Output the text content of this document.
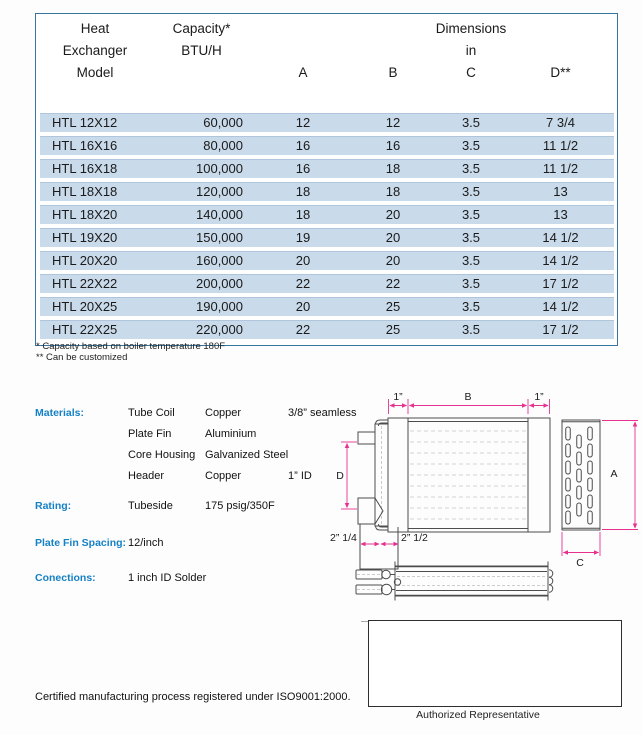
Heat	Capacity*	Dimensions
Exchanger	BTU/H	in
Model	A	B	C	D**
HTL 12X12	60,000	12	12	3.5	7 3/4
HTL 16X16	80,000	16	16	3.5	11 1/2
HTL 16X18	100,000	16	18	3.5	11 1/2
HTL 18X18	120,000	18	18	3.5	13
HTL 18X20	140,000	18	20	3.5	13
HTL 19X20	150,000	19	20	3.5	14 1/2
HTL 20X20	160,000	20	20	3.5	14 1/2
HTL 22X22	200,000	22	22	3.5	17 1/2
HTL 20X25	190,000	20	25	3.5	14 1/2
HTL 22X25	220,000	22	25	3.5	17 1/2
* Capacity based on boiler temperature 180F
** Can be customized
Materials:	Tube Coil	Copper	3/8” seamless
Plate Fin	Aluminium
Core Housing Galvanized Steel
Header	Copper	1” ID
Rating:	Tubeside	175 psig/350F
Plate Fin Spacing: 12/inch
Conections:	1 inch ID Solder
1”	B	1”
D
2” 1/4	2” 1/2
A
C
Certified manufacturing process registered under ISO9001:2000.
Authorized Representative
